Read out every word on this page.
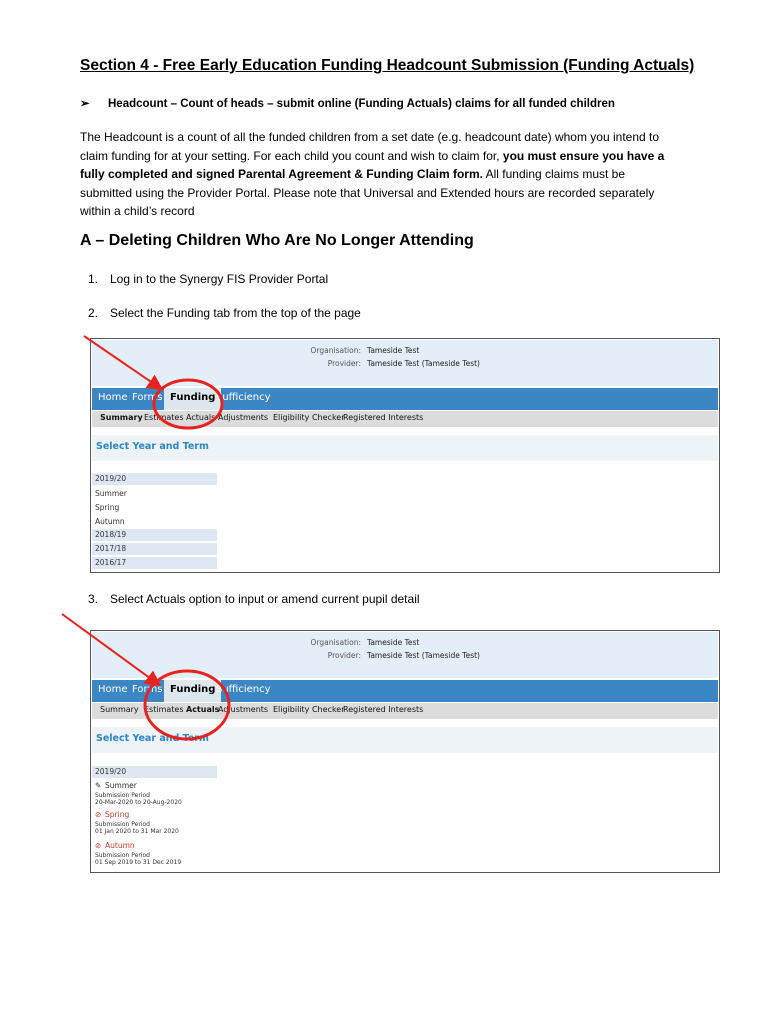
Section 4 - Free Early Education Funding Headcount Submission (Funding Actuals)
➢ Headcount – Count of heads – submit online (Funding Actuals) claims for all funded children
The Headcount is a count of all the funded children from a set date (e.g. headcount date) whom you intend to claim funding for at your setting. For each child you count and wish to claim for, you must ensure you have a fully completed and signed Parental Agreement & Funding Claim form. All funding claims must be submitted using the Provider Portal. Please note that Universal and Extended hours are recorded separately within a child’s record
A – Deleting Children Who Are No Longer Attending
1. Log in to the Synergy FIS Provider Portal
2. Select the Funding tab from the top of the page
Organisation: Tameside Test
Provider: Tameside Test (Tameside Test)
Home Forms Funding Sufficiency
Summary Estimates Actuals Adjustments Eligibility Checker
Registered Interests
Select Year and Term
2019/20
Summer
Spring
Autumn
2018/19
2017/18
2016/17
3. Select Actuals option to input or amend current pupil detail
Organisation: Tameside Test
Provider: Tameside Test (Tameside Test)
Home Forms Funding Sufficiency
Summary Estimates Actuals
Adjustments Eligibility Checker
Registered Interests
Select Year and Term
2019/20
✎ Summer
Submission Period
20-Mar-2020 to 20-Aug-2020
⊘ Spring
Submission Period
01 Jan 2020 to 31 Mar 2020
⊘ Autumn
Submission Period
01 Sep 2019 to 31 Dec 2019
